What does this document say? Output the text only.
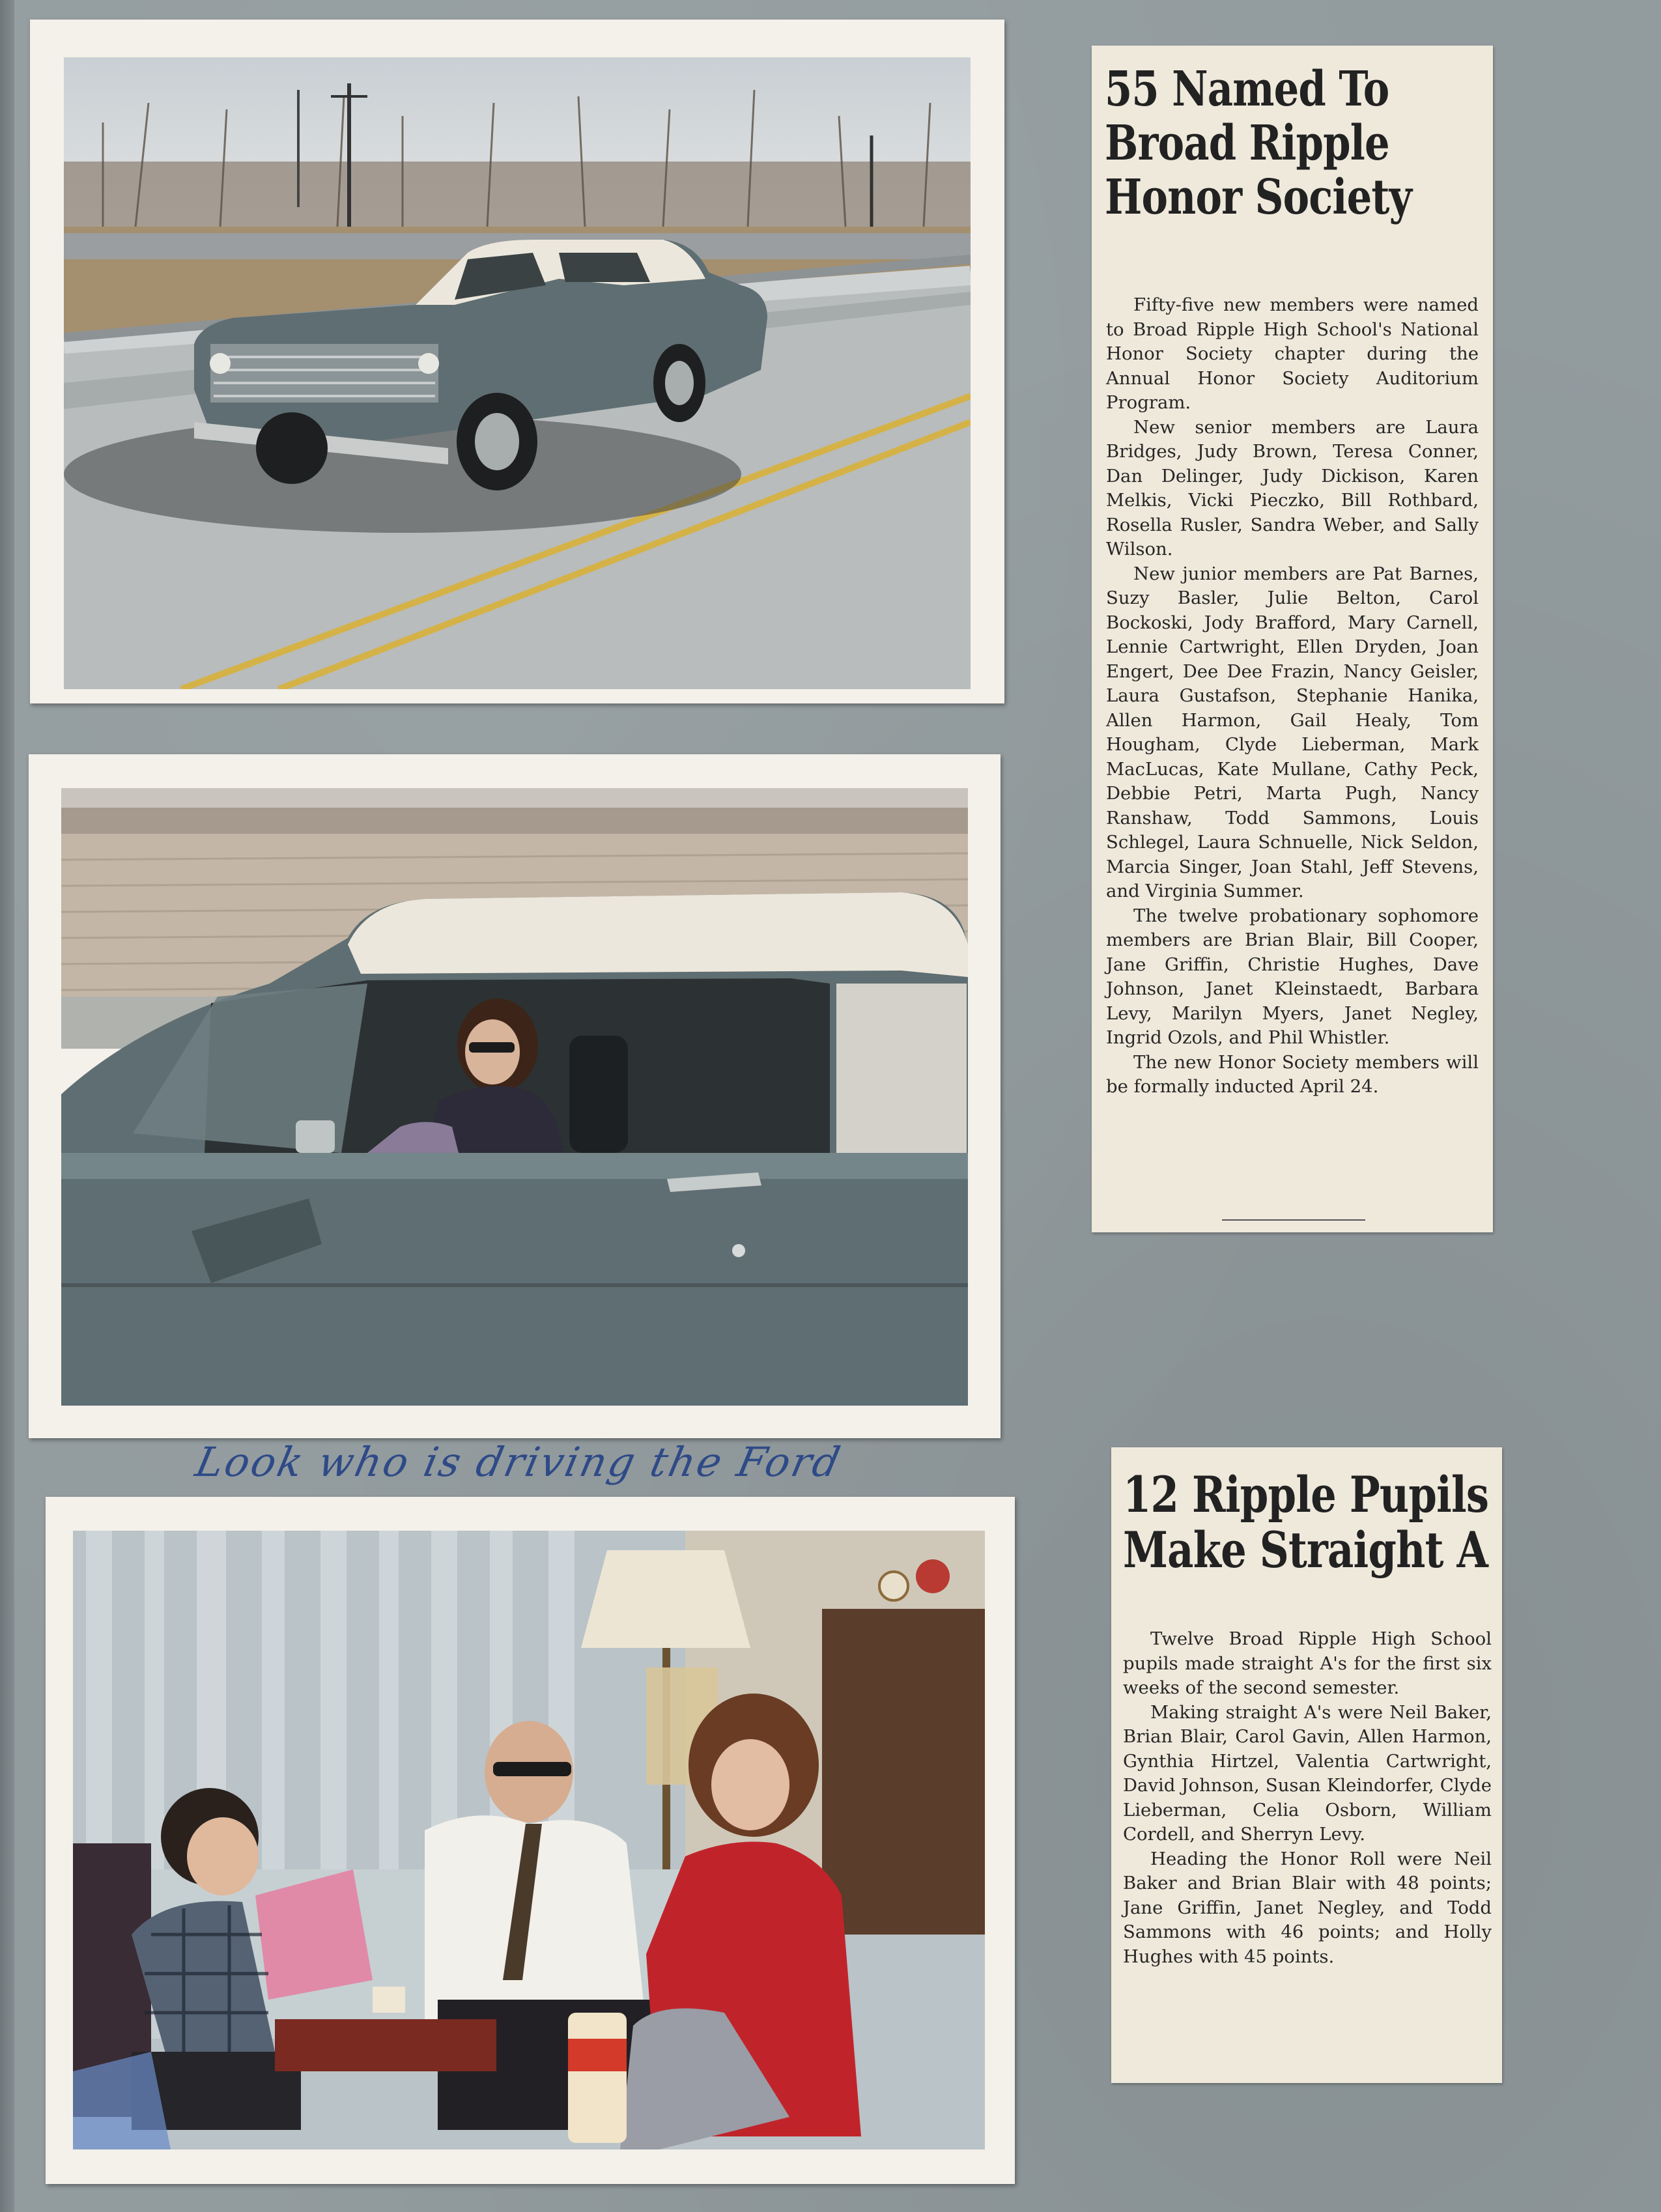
Look who is driving the Ford
55 Named To
Broad Ripple
Honor Society

Fifty-five new members were named to Broad Ripple High School's National Honor Society chapter during the Annual Honor Society Auditorium Program.

New senior members are Laura Bridges, Judy Brown, Teresa Conner, Dan Delinger, Judy Dickison, Karen Melkis, Vicki Pieczko, Bill Rothbard, Rosella Rusler, Sandra Weber, and Sally Wilson.

New junior members are Pat Barnes, Suzy Basler, Julie Belton, Carol Bockoski, Jody Brafford, Mary Carnell, Lennie Cartwright, Ellen Dryden, Joan Engert, Dee Dee Frazin, Nancy Geisler, Laura Gustafson, Stephanie Hanika, Allen Harmon, Gail Healy, Tom Hougham, Clyde Lieberman, Mark MacLucas, Kate Mullane, Cathy Peck, Debbie Petri, Marta Pugh, Nancy Ranshaw, Todd Sammons, Louis Schlegel, Laura Schnuelle, Nick Seldon, Marcia Singer, Joan Stahl, Jeff Stevens, and Virginia Summer.

The twelve probationary sophomore members are Brian Blair, Bill Cooper, Jane Griffin, Christie Hughes, Dave Johnson, Janet Kleinstaedt, Barbara Levy, Marilyn Myers, Janet Negley, Ingrid Ozols, and Phil Whistler.

The new Honor Society members will be formally inducted April 24.

12 Ripple Pupils
Make Straight A

Twelve Broad Ripple High School pupils made straight A's for the first six weeks of the second semester.

Making straight A's were Neil Baker, Brian Blair, Carol Gavin, Allen Harmon, Gynthia Hirtzel, Valentia Cartwright, David Johnson, Susan Kleindorfer, Clyde Lieberman, Celia Osborn, William Cordell, and Sherryn Levy.

Heading the Honor Roll were Neil Baker and Brian Blair with 48 points; Jane Griffin, Janet Negley, and Todd Sammons with 46 points; and Holly Hughes with 45 points.
